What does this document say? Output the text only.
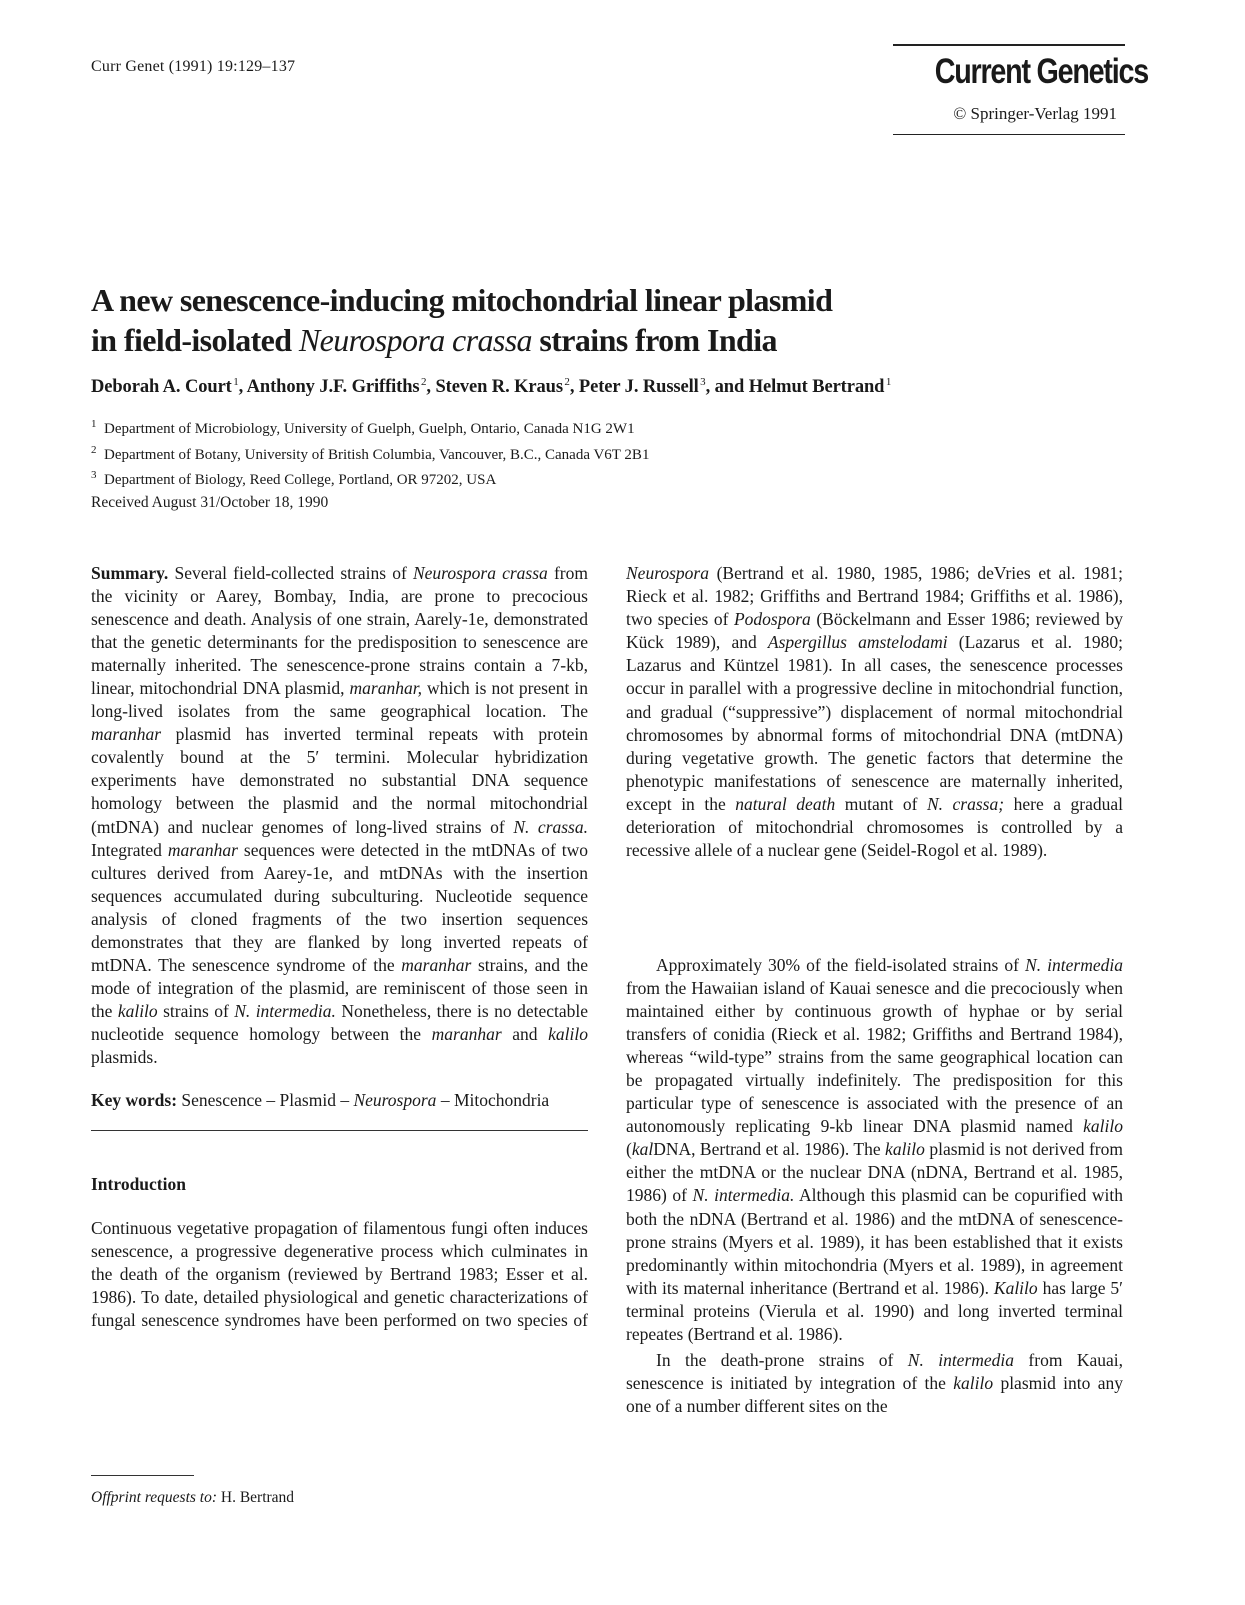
Curr Genet (1991) 19:129–137	Current Genetics
© Springer-Verlag 1991
A new senescence-inducing mitochondrial linear plasmid
in field-isolated Neurospora crassa strains from India
Deborah A. Court $^1$, Anthony J.F. Griffiths $^2$, Steven R. Kraus $^2$, Peter J. Russell $^3$, and Helmut Bertrand $^1$
$^1$ Department of Microbiology, University of Guelph, Guelph, Ontario, Canada N1G 2W1
$^2$ Department of Botany, University of British Columbia, Vancouver, B.C., Canada V6T 2B1
$^3$ Department of Biology, Reed College, Portland, OR 97202, USA
Received August 31/October 18, 1990

Summary. Several field-collected strains of Neurospora crassa from the vicinity or Aarey, Bombay, India, are prone to precocious senescence and death. Analysis of one strain, Aarely-1e, demonstrated that the genetic determinants for the predisposition to senescence are maternally inherited. The senescence-prone strains contain a 7-kb, linear, mitochondrial DNA plasmid, maranhar, which is not present in long-lived isolates from the same geographical location. The maranhar plasmid has inverted terminal repeats with protein covalently bound at the 5′ termini. Molecular hybridization experiments have demonstrated no substantial DNA sequence homology between the plasmid and the normal mitochondrial (mtDNA) and nuclear genomes of long-lived strains of N. crassa. Integrated maranhar sequences were detected in the mtDNAs of two cultures derived from Aarey-1e, and mtDNAs with the insertion sequences accumulated during subculturing. Nucleotide sequence analysis of cloned fragments of the two insertion sequences demonstrates that they are flanked by long inverted repeats of mtDNA. The senescence syndrome of the maranhar strains, and the mode of integration of the plasmid, are reminiscent of those seen in the kalilo strains of N. intermedia. Nonetheless, there is no detectable nucleotide sequence homology between the maranhar and kalilo plasmids.

Key words: Senescence – Plasmid – Neurospora – Mitochondria

Introduction

Continuous vegetative propagation of filamentous fungi often induces senescence, a progressive degenerative process which culminates in the death of the organism (reviewed by Bertrand 1983; Esser et al. 1986). To date, detailed physiological and genetic characterizations of fungal senescence syndromes have been performed on two species of

Neurospora (Bertrand et al. 1980, 1985, 1986; deVries et al. 1981; Rieck et al. 1982; Griffiths and Bertrand 1984; Griffiths et al. 1986), two species of Podospora (Böckelmann and Esser 1986; reviewed by Kück 1989), and Aspergillus amstelodami (Lazarus et al. 1980; Lazarus and Küntzel 1981). In all cases, the senescence processes occur in parallel with a progressive decline in mitochondrial function, and gradual (“suppressive”) displacement of normal mitochondrial chromosomes by abnormal forms of mitochondrial DNA (mtDNA) during vegetative growth. The genetic factors that determine the phenotypic manifestations of senescence are maternally inherited, except in the natural death mutant of N. crassa; here a gradual deterioration of mitochondrial chromosomes is controlled by a recessive allele of a nuclear gene (Seidel-Rogol et al. 1989).

Approximately 30% of the field-isolated strains of N. intermedia from the Hawaiian island of Kauai senesce and die precociously when maintained either by continuous growth of hyphae or by serial transfers of conidia (Rieck et al. 1982; Griffiths and Bertrand 1984), whereas “wild-type” strains from the same geographical location can be propagated virtually indefinitely. The predisposition for this particular type of senescence is associated with the presence of an autonomously replicating 9-kb linear DNA plasmid named kalilo (kalDNA, Bertrand et al. 1986). The kalilo plasmid is not derived from either the mtDNA or the nuclear DNA (nDNA, Bertrand et al. 1985, 1986) of N. intermedia. Although this plasmid can be copurified with both the nDNA (Bertrand et al. 1986) and the mtDNA of senescence-prone strains (Myers et al. 1989), it has been established that it exists predominantly within mitochondria (Myers et al. 1989), in agreement with its maternal inheritance (Bertrand et al. 1986). Kalilo has large 5′ terminal proteins (Vierula et al. 1990) and long inverted terminal repeates (Bertrand et al. 1986).

In the death-prone strains of N. intermedia from Kauai, senescence is initiated by integration of the kalilo plasmid into any one of a number different sites on the

Offprint requests to: H. Bertrand
